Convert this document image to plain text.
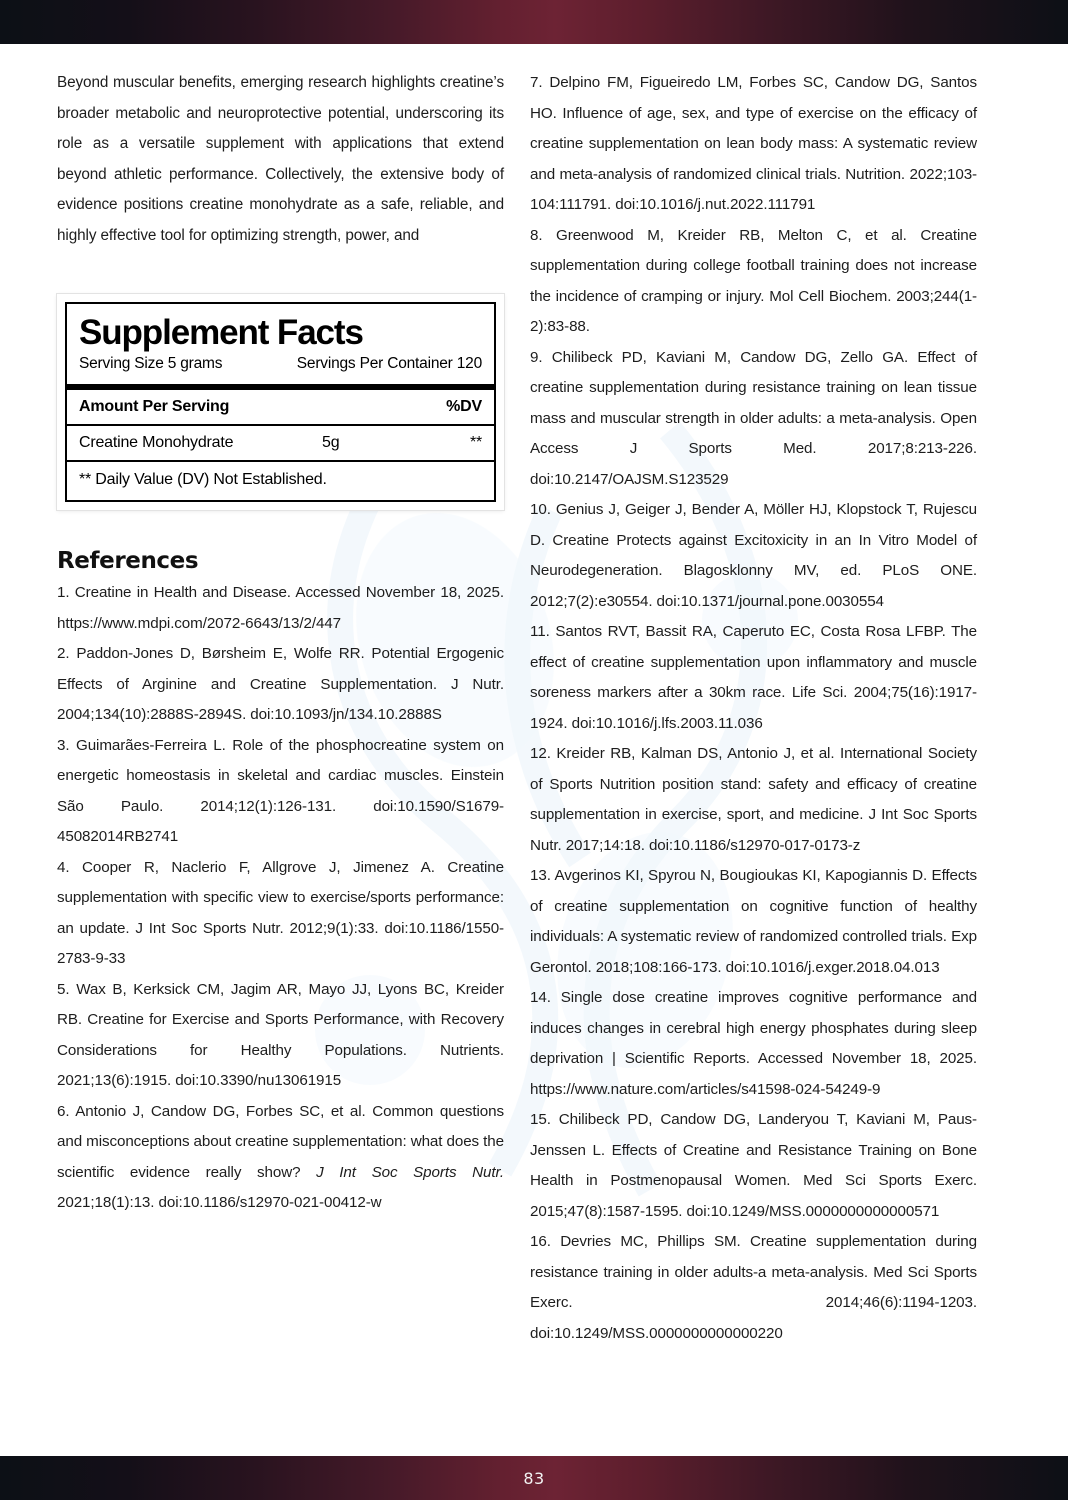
Beyond muscular benefits, emerging research highlights creatine’s broader metabolic and neuroprotective potential, underscoring its role as a versatile supplement with applications that extend beyond athletic performance. Collectively, the extensive body of evidence positions creatine monohydrate as a safe, reliable, and highly effective tool for optimizing strength, power, and

Supplement Facts
Serving Size 5 grams	Servings Per Container 120
Amount Per Serving	%DV
Creatine Monohydrate	5g	**
** Daily Value (DV) Not Established.
References

1. Creatine in Health and Disease. Accessed November 18, 2025. https://www.mdpi.com/2072-6643/13/2/447

2. Paddon-Jones D, Børsheim E, Wolfe RR. Potential Ergogenic Effects of Arginine and Creatine Supplementation. J Nutr. 2004;134(10):2888S-2894S. doi:10.1093/jn/134.10.2888S

3. Guimarães-Ferreira L. Role of the phosphocreatine system on energetic homeostasis in skeletal and cardiac muscles. Einstein São Paulo. 2014;12(1):126-131. doi:10.1590/S1679-45082014RB2741

4. Cooper R, Naclerio F, Allgrove J, Jimenez A. Creatine supplementation with specific view to exercise/sports performance: an update. J Int Soc Sports Nutr. 2012;9(1):33. doi:10.1186/1550-2783-9-33

5. Wax B, Kerksick CM, Jagim AR, Mayo JJ, Lyons BC, Kreider RB. Creatine for Exercise and Sports Performance, with Recovery Considerations for Healthy Populations. Nutrients. 2021;13(6):1915. doi:10.3390/nu13061915

6. Antonio J, Candow DG, Forbes SC, et al. Common questions and misconceptions about creatine supplementation: what does the scientific evidence really show? J Int Soc Sports Nutr. 2021;18(1):13. doi:10.1186/s12970-021-00412-w

7. Delpino FM, Figueiredo LM, Forbes SC, Candow DG, Santos HO. Influence of age, sex, and type of exercise on the efficacy of creatine supplementation on lean body mass: A systematic review and meta-analysis of randomized clinical trials. Nutrition. 2022;103-104:111791. doi:10.1016/j.nut.2022.111791

8. Greenwood M, Kreider RB, Melton C, et al. Creatine supplementation during college football training does not increase the incidence of cramping or injury. Mol Cell Biochem. 2003;244(1-2):83-88.

9. Chilibeck PD, Kaviani M, Candow DG, Zello GA. Effect of creatine supplementation during resistance training on lean tissue mass and muscular strength in older adults: a meta-analysis. Open Access J Sports Med. 2017;8:213-226. doi:10.2147/OAJSM.S123529

10. Genius J, Geiger J, Bender A, Möller HJ, Klopstock T, Rujescu D. Creatine Protects against Excitoxicity in an In Vitro Model of Neurodegeneration. Blagosklonny MV, ed. PLoS ONE. 2012;7(2):e30554. doi:10.1371/journal.pone.0030554

11. Santos RVT, Bassit RA, Caperuto EC, Costa Rosa LFBP. The effect of creatine supplementation upon inflammatory and muscle soreness markers after a 30km race. Life Sci. 2004;75(16):1917-1924. doi:10.1016/j.lfs.2003.11.036

12. Kreider RB, Kalman DS, Antonio J, et al. International Society of Sports Nutrition position stand: safety and efficacy of creatine supplementation in exercise, sport, and medicine. J Int Soc Sports Nutr. 2017;14:18. doi:10.1186/s12970-017-0173-z

13. Avgerinos KI, Spyrou N, Bougioukas KI, Kapogiannis D. Effects of creatine supplementation on cognitive function of healthy individuals: A systematic review of randomized controlled trials. Exp Gerontol. 2018;108:166-173. doi:10.1016/j.exger.2018.04.013

14. Single dose creatine improves cognitive performance and induces changes in cerebral high energy phosphates during sleep deprivation | Scientific Reports. Accessed November 18, 2025. https://www.nature.com/articles/s41598-024-54249-9

15. Chilibeck PD, Candow DG, Landeryou T, Kaviani M, Paus-Jenssen L. Effects of Creatine and Resistance Training on Bone Health in Postmenopausal Women. Med Sci Sports Exerc. 2015;47(8):1587-1595. doi:10.1249/MSS.0000000000000571

16. Devries MC, Phillips SM. Creatine supplementation during resistance training in older adults-a meta-analysis. Med Sci Sports Exerc. 2014;46(6):1194-1203. doi:10.1249/MSS.0000000000000220

83
